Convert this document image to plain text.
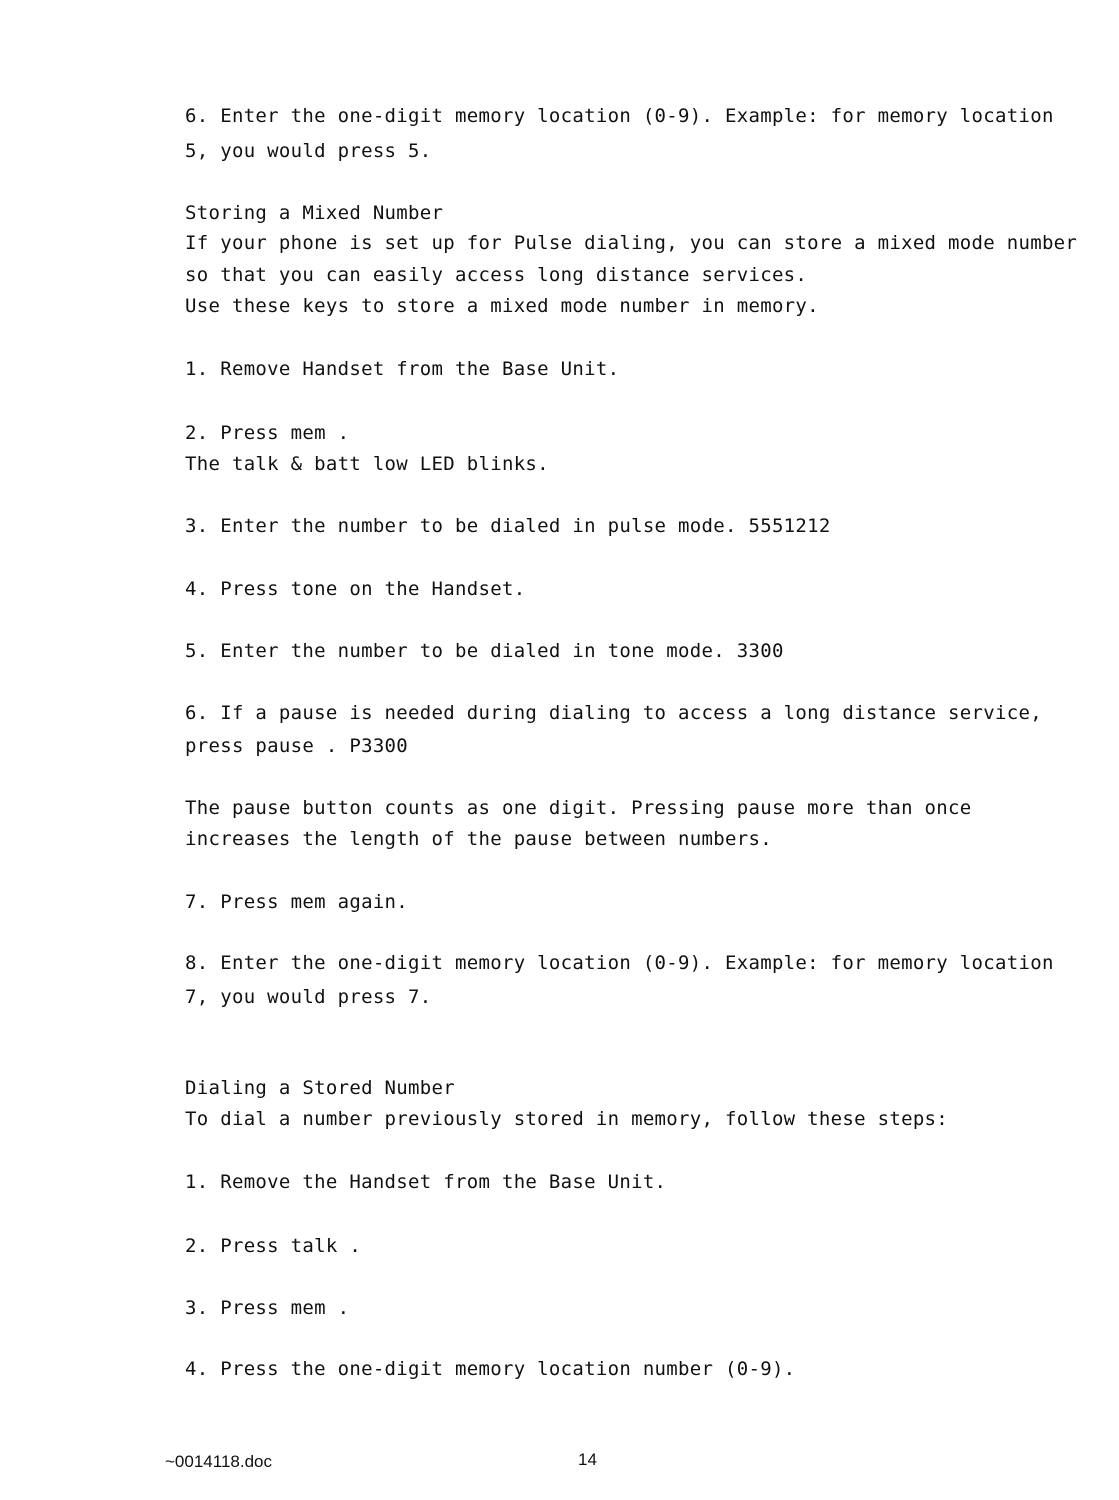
6. Enter the one-digit memory location (0-9). Example: for memory location
5, you would press 5.
Storing a Mixed Number
If your phone is set up for Pulse dialing, you can store a mixed mode number
so that you can easily access long distance services.
Use these keys to store a mixed mode number in memory.
1. Remove Handset from the Base Unit.
2. Press mem .
The talk & batt low LED blinks.
3. Enter the number to be dialed in pulse mode. 5551212
4. Press tone on the Handset.
5. Enter the number to be dialed in tone mode. 3300
6. If a pause is needed during dialing to access a long distance service,
press pause . P3300
The pause button counts as one digit. Pressing pause more than once
increases the length of the pause between numbers.
7. Press mem again.
8. Enter the one-digit memory location (0-9). Example: for memory location
7, you would press 7.
Dialing a Stored Number
To dial a number previously stored in memory, follow these steps:
1. Remove the Handset from the Base Unit.
2. Press talk .
3. Press mem .
4. Press the one-digit memory location number (0-9).
~0014118.doc	14
